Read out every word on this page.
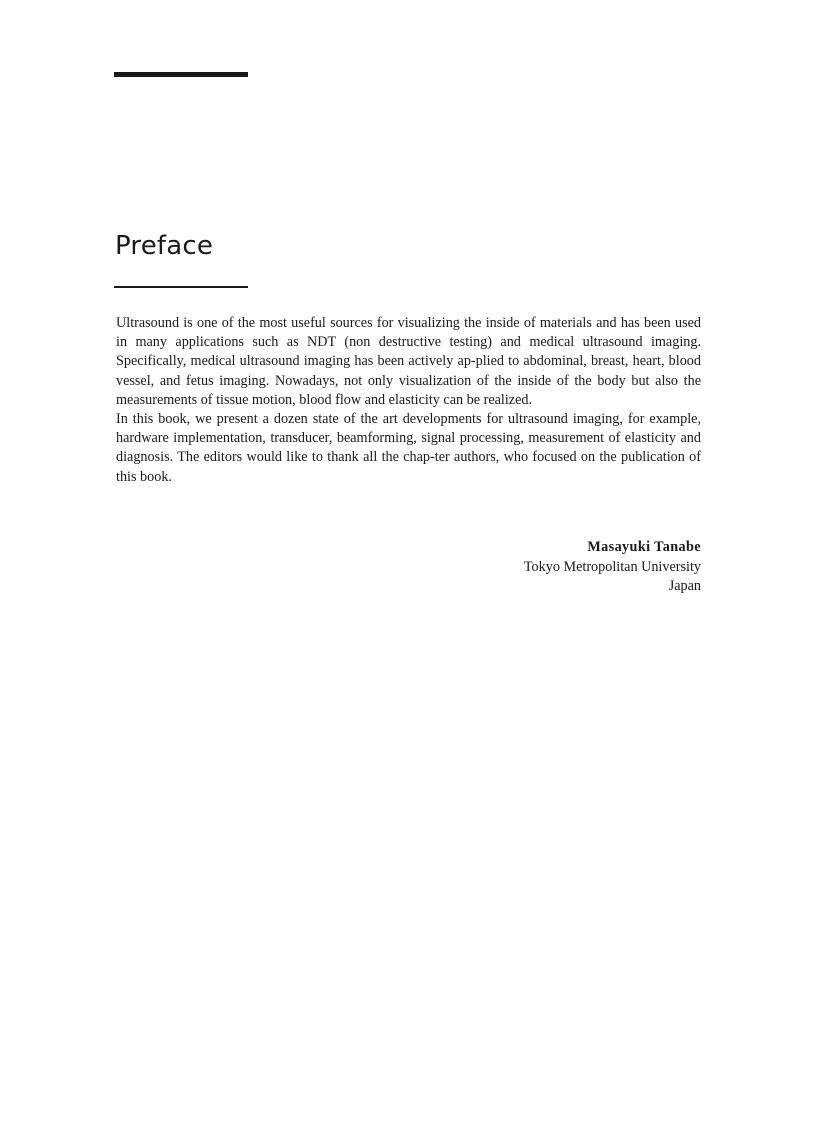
Preface

Ultrasound is one of the most useful sources for visualizing the inside of materials and has been used in many applications such as NDT (non destructive testing) and medical ultrasound imaging. Specifically, medical ultrasound imaging has been actively ap-plied to abdominal, breast, heart, blood vessel, and fetus imaging. Nowadays, not only visualization of the inside of the body but also the measurements of tissue motion, blood flow and elasticity can be realized.

In this book, we present a dozen state of the art developments for ultrasound imaging, for example, hardware implementation, transducer, beamforming, signal processing, measurement of elasticity and diagnosis. The editors would like to thank all the chap-ter authors, who focused on the publication of this book.

Masayuki Tanabe
Tokyo Metropolitan University
Japan
